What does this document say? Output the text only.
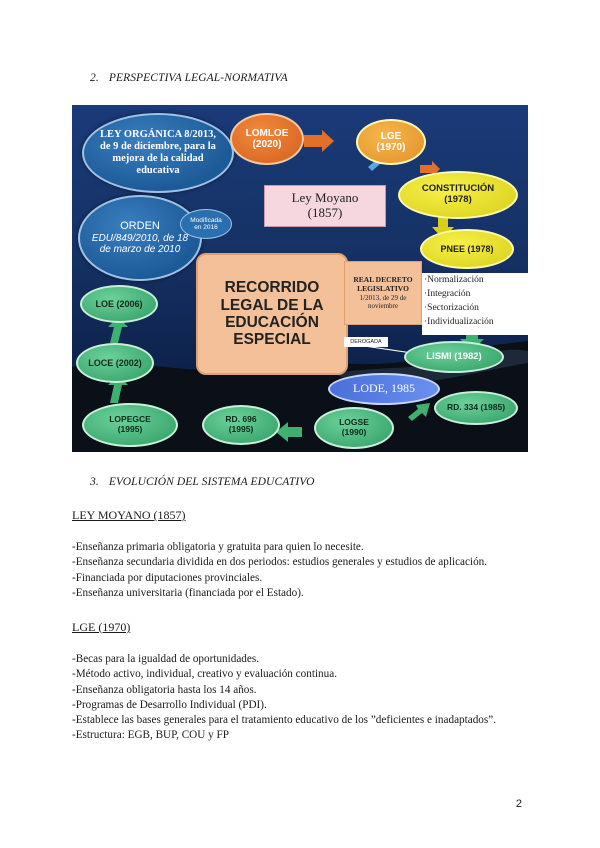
2. PERSPECTIVA LEGAL-NORMATIVA
LEY ORGÁNICA 8/2013, de 9 de diciembre, para la mejora de la calidad educativa
LOMLOE (2020)
LGE (1970)
Ley Moyano (1857)
CONSTITUCIÓN (1978)
ORDEN
EDU/849/2010, de 18 de marzo de 2010
Modificada en 2016
PNEE (1978)
RECORRIDO LEGAL DE LA EDUCACIÓN ESPECIAL
REAL DECRETO LEGISLATIVO
1/2013, de 29 de noviembre
·Normalización
·Integración
·Sectorización
·Individualización
DEROGADA
LOE (2006)
LOCE (2002)
LISMI (1982)
LODE, 1985
RD. 334 (1985)
LOPEGCE (1995)
RD. 696 (1995)
LOGSE (1990)
3. EVOLUCIÓN DEL SISTEMA EDUCATIVO
LEY MOYANO (1857)
-Enseñanza primaria obligatoria y gratuita para quien lo necesite.
-Enseñanza secundaria dividida en dos periodos: estudios generales y estudios de aplicación.
-Financiada por diputaciones provinciales.
-Enseñanza universitaria (financiada por el Estado).
LGE (1970)
-Becas para la igualdad de oportunidades.
-Método activo, individual, creativo y evaluación continua.
-Enseñanza obligatoria hasta los 14 años.
-Programas de Desarrollo Individual (PDI).
-Establece las bases generales para el tratamiento educativo de los ”deficientes e inadaptados”.
-Estructura: EGB, BUP, COU y FP
2
